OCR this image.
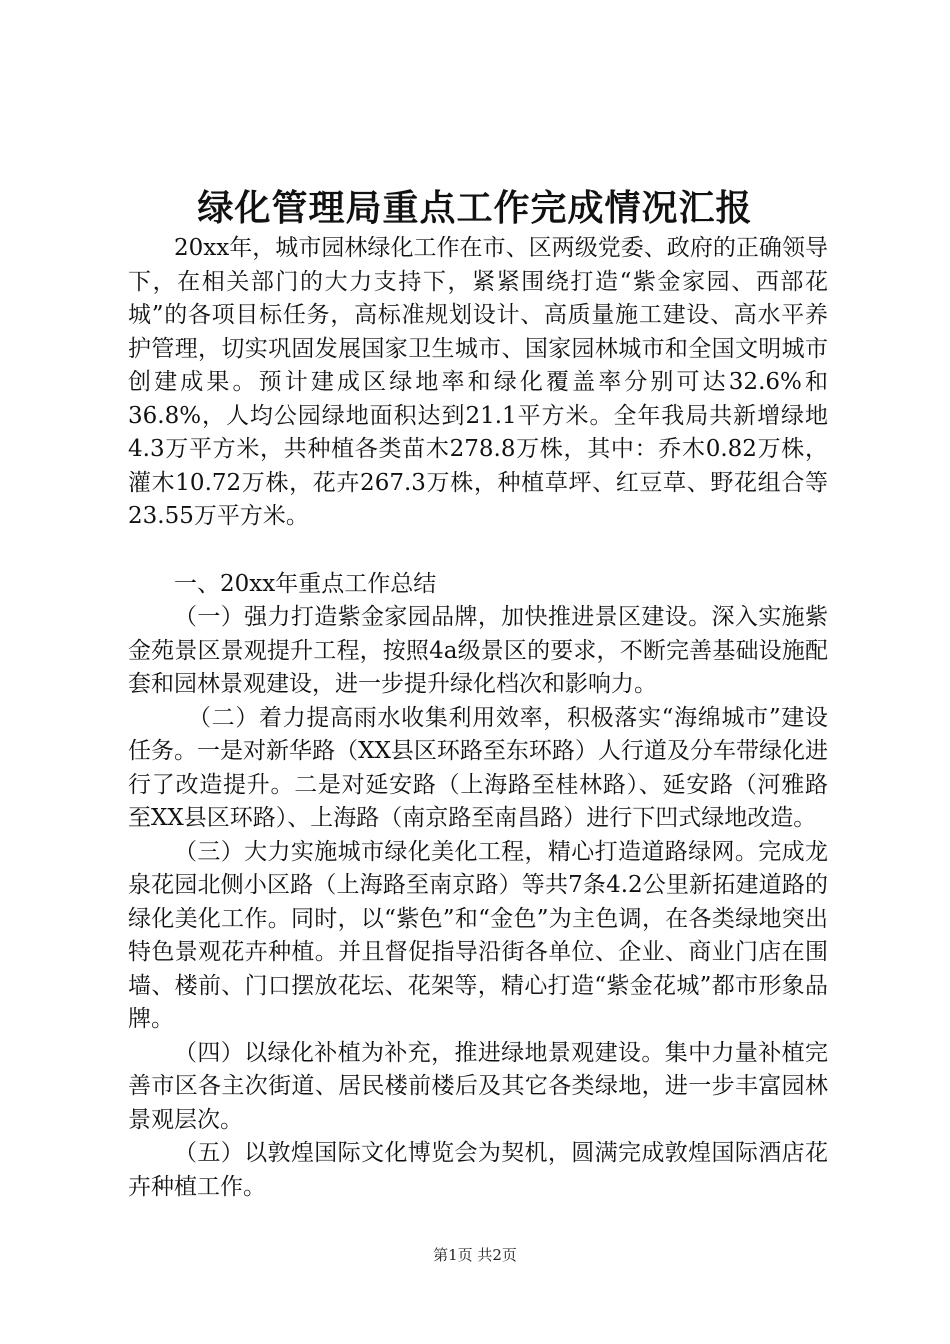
绿化管理局重点工作完成情况汇报

20xx年，城市园林绿化工作在市、区两级党委、政府的正确领导下，在相关部门的大力支持下，紧紧围绕打造“紫金家园、西部花城”的各项目标任务，高标准规划设计、高质量施工建设、高水平养护管理，切实巩固发展国家卫生城市、国家园林城市和全国文明城市创建成果。预计建成区绿地率和绿化覆盖率分别可达32.6%和36.8%，人均公园绿地面积达到21.1平方米。全年我局共新增绿地4.3万平方米，共种植各类苗木278.8万株，其中：乔木0.82万株，灌木10.72万株，花卉267.3万株，种植草坪、红豆草、野花组合等23.55万平方米。

一、20xx年重点工作总结

（一）强力打造紫金家园品牌，加快推进景区建设。深入实施紫金苑景区景观提升工程，按照4a级景区的要求，不断完善基础设施配套和园林景观建设，进一步提升绿化档次和影响力。

（二）着力提高雨水收集利用效率，积极落实“海绵城市”建设任务。一是对新华路（XX县区环路至东环路）人行道及分车带绿化进行了改造提升。二是对延安路（上海路至桂林路）、延安路（河雅路至XX县区环路）、上海路（南京路至南昌路）进行下凹式绿地改造。

（三）大力实施城市绿化美化工程，精心打造道路绿网。完成龙泉花园北侧小区路（上海路至南京路）等共7条4.2公里新拓建道路的绿化美化工作。同时，以“紫色”和“金色”为主色调，在各类绿地突出特色景观花卉种植。并且督促指导沿街各单位、企业、商业门店在围墙、楼前、门口摆放花坛、花架等，精心打造“紫金花城”都市形象品牌。

（四）以绿化补植为补充，推进绿地景观建设。集中力量补植完善市区各主次街道、居民楼前楼后及其它各类绿地，进一步丰富园林景观层次。

（五）以敦煌国际文化博览会为契机，圆满完成敦煌国际酒店花卉种植工作。

第1页 共2页
